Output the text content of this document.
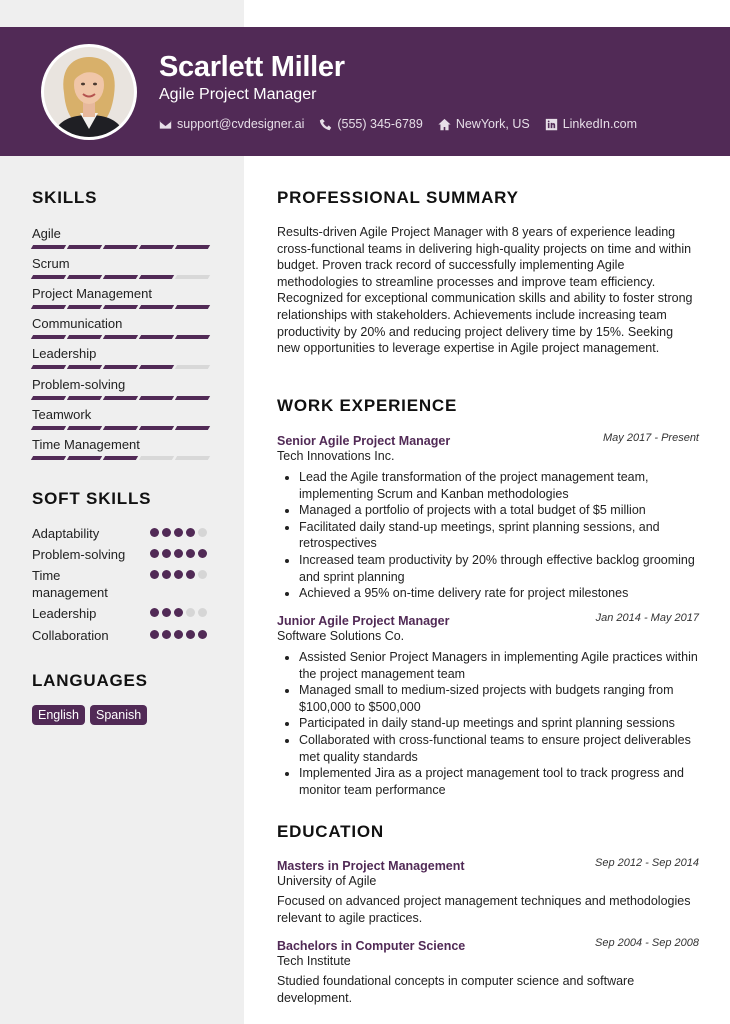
Scarlett Miller
Agile Project Manager
support@cvdesigner.ai	(555) 345-6789	NewYork, US	LinkedIn.com
SKILLS
Agile
Scrum
Project Management
Communication
Leadership
Problem-solving
Teamwork
Time Management
SOFT SKILLS
Adaptability
Problem-solving
Time management
Leadership
Collaboration
LANGUAGES
English	Spanish
PROFESSIONAL SUMMARY

Results-driven Agile Project Manager with 8 years of experience leading cross-functional teams in delivering high-quality projects on time and within budget. Proven track record of successfully implementing Agile methodologies to streamline processes and improve team efficiency. Recognized for exceptional communication skills and ability to foster strong relationships with stakeholders. Achievements include increasing team productivity by 20% and reducing project delivery time by 15%. Seeking new opportunities to leverage expertise in Agile project management.

WORK EXPERIENCE
Senior Agile Project Manager	May 2017 - Present
Tech Innovations Inc.
• Lead the Agile transformation of the project management team, implementing Scrum and Kanban methodologies
• Managed a portfolio of projects with a total budget of $5 million
• Facilitated daily stand-up meetings, sprint planning sessions, and retrospectives
• Increased team productivity by 20% through effective backlog grooming and sprint planning
• Achieved a 95% on-time delivery rate for project milestones
Junior Agile Project Manager	Jan 2014 - May 2017
Software Solutions Co.
• Assisted Senior Project Managers in implementing Agile practices within the project management team
• Managed small to medium-sized projects with budgets ranging from $100,000 to $500,000
• Participated in daily stand-up meetings and sprint planning sessions
• Collaborated with cross-functional teams to ensure project deliverables met quality standards
• Implemented Jira as a project management tool to track progress and monitor team performance
EDUCATION
Masters in Project Management	Sep 2012 - Sep 2014
University of Agile

Focused on advanced project management techniques and methodologies relevant to agile practices.

Bachelors in Computer Science	Sep 2004 - Sep 2008
Tech Institute

Studied foundational concepts in computer science and software development.
